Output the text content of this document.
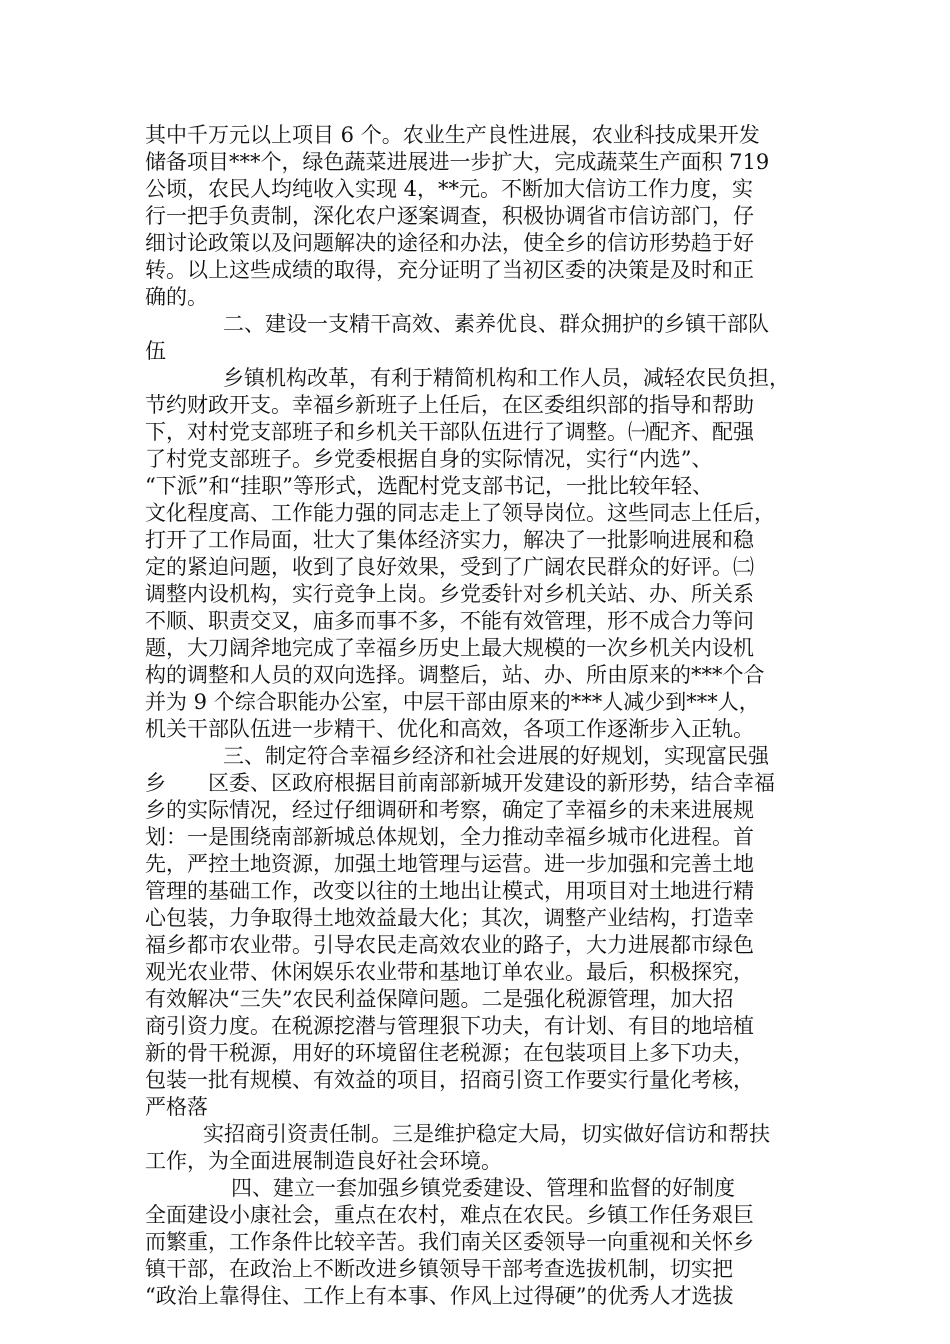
其中千万元以上项目 6 个。农业生产良性进展，农业科技成果开发
储备项目***个，绿色蔬菜进展进一步扩大，完成蔬菜生产面积 719
公顷，农民人均纯收入实现 4，**元。不断加大信访工作力度，实
行一把手负责制，深化农户逐案调查，积极协调省市信访部门，仔
细讨论政策以及问题解决的途径和办法，使全乡的信访形势趋于好
转。以上这些成绩的取得，充分证明了当初区委的决策是及时和正
确的。
二、建设一支精干高效、素养优良、群众拥护的乡镇干部队
伍
乡镇机构改革，有利于精简机构和工作人员，减轻农民负担，
节约财政开支。幸福乡新班子上任后，在区委组织部的指导和帮助
下，对村党支部班子和乡机关干部队伍进行了调整。㈠配齐、配强
了村党支部班子。乡党委根据自身的实际情况，实行“内选”、
“下派”和“挂职”等形式，选配村党支部书记，一批比较年轻、
文化程度高、工作能力强的同志走上了领导岗位。这些同志上任后，
打开了工作局面，壮大了集体经济实力，解决了一批影响进展和稳
定的紧迫问题，收到了良好效果，受到了广阔农民群众的好评。㈡
调整内设机构，实行竞争上岗。乡党委针对乡机关站、办、所关系
不顺、职责交叉，庙多而事不多，不能有效管理，形不成合力等问
题，大刀阔斧地完成了幸福乡历史上最大规模的一次乡机关内设机
构的调整和人员的双向选择。调整后，站、办、所由原来的***个合
并为 9 个综合职能办公室，中层干部由原来的***人减少到***人，
机关干部队伍进一步精干、优化和高效，各项工作逐渐步入正轨。
三、制定符合幸福乡经济和社会进展的好规划，实现富民强
乡　　区委、区政府根据目前南部新城开发建设的新形势，结合幸福
乡的实际情况，经过仔细调研和考察，确定了幸福乡的未来进展规
划：一是围绕南部新城总体规划，全力推动幸福乡城市化进程。首
先，严控土地资源，加强土地管理与运营。进一步加强和完善土地
管理的基础工作，改变以往的土地出让模式，用项目对土地进行精
心包装，力争取得土地效益最大化；其次，调整产业结构，打造幸
福乡都市农业带。引导农民走高效农业的路子，大力进展都市绿色
观光农业带、休闲娱乐农业带和基地订单农业。最后，积极探究，
有效解决“三失”农民利益保障问题。二是强化税源管理，加大招
商引资力度。在税源挖潜与管理狠下功夫，有计划、有目的地培植
新的骨干税源，用好的环境留住老税源；在包装项目上多下功夫，
包装一批有规模、有效益的项目，招商引资工作要实行量化考核，
严格落
实招商引资责任制。三是维护稳定大局，切实做好信访和帮扶
工作，为全面进展制造良好社会环境。
四、建立一套加强乡镇党委建设、管理和监督的好制度
全面建设小康社会，重点在农村，难点在农民。乡镇工作任务艰巨
而繁重，工作条件比较辛苦。我们南关区委领导一向重视和关怀乡
镇干部，在政治上不断改进乡镇领导干部考查选拔机制，切实把
“政治上靠得住、工作上有本事、作风上过得硬”的优秀人才选拔
